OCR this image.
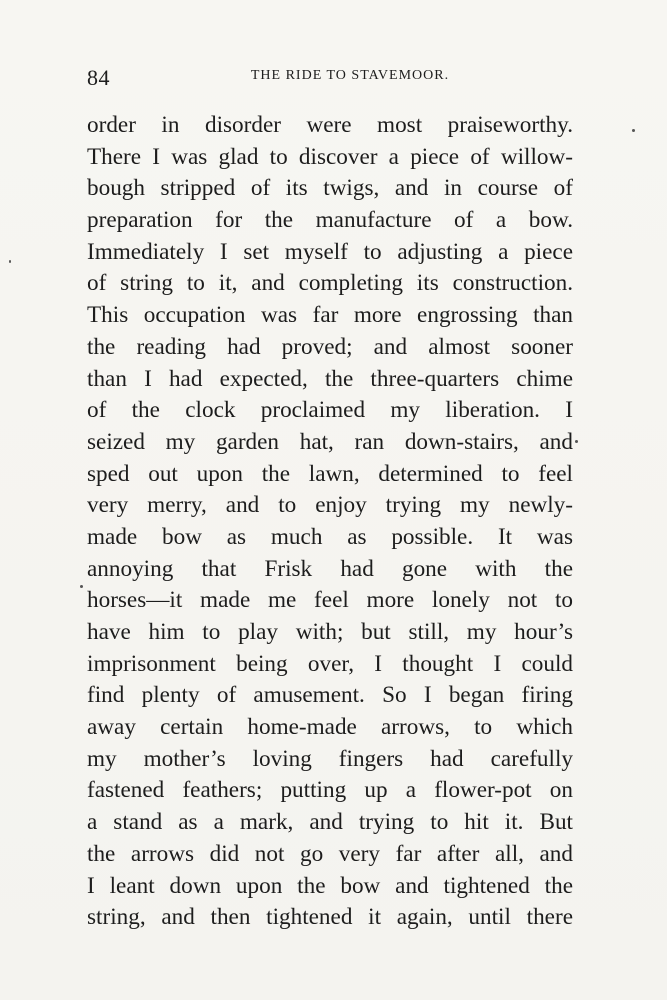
84	THE RIDE TO STAVEMOOR.
order in disorder were most praiseworthy.
There I was glad to discover a piece of willow-
bough stripped of its twigs, and in course of
preparation for the manufacture of a bow.
Immediately I set myself to adjusting a piece
of string to it, and completing its construction.
This occupation was far more engrossing than
the reading had proved; and almost sooner
than I had expected, the three-quarters chime
of the clock proclaimed my liberation. I
seized my garden hat, ran down-stairs, and
sped out upon the lawn, determined to feel
very merry, and to enjoy trying my newly-
made bow as much as possible. It was
annoying that Frisk had gone with the
horses—it made me feel more lonely not to
have him to play with; but still, my hour’s
imprisonment being over, I thought I could
find plenty of amusement. So I began firing
away certain home-made arrows, to which
my mother’s loving fingers had carefully
fastened feathers; putting up a flower-pot on
a stand as a mark, and trying to hit it. But
the arrows did not go very far after all, and
I leant down upon the bow and tightened the
string, and then tightened it again, until there
